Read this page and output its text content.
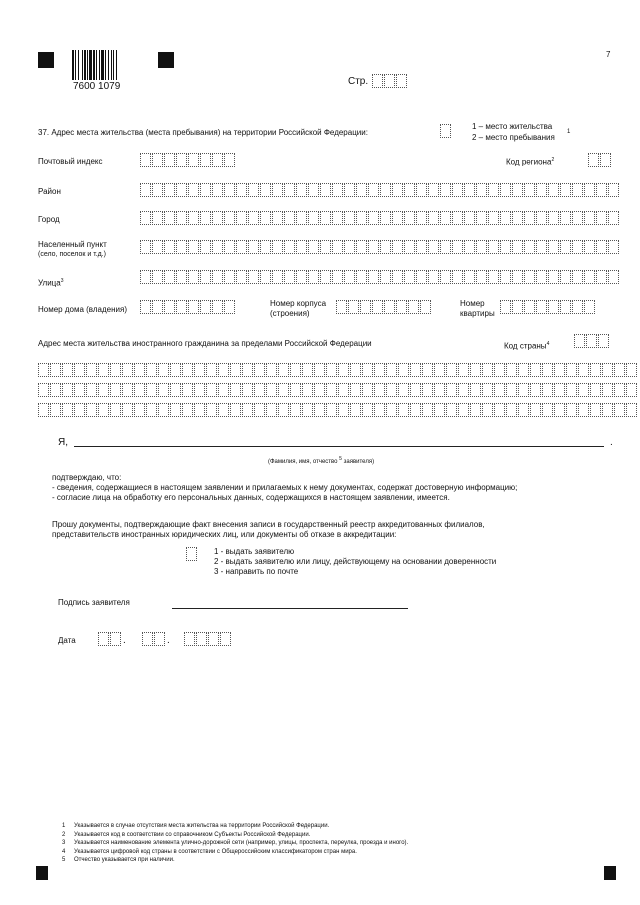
7600 1079
7
Стр.
37. Адрес места жительства (места пребывания) на территории Российской Федерации:
1 – место жительства
2 – место пребывания
1
Почтовый индекс	Код региона$^2$
Район
Город
Населенный пункт
(село, поселок и т.д.)
Улица$^3$
Номер дома (владения)
Номер корпуса
(строения)
Номер
квартиры
Адрес места жительства иностранного гражданина за пределами Российской Федерации	Код страны$^4$
Я,	.
(Фамилия, имя, отчество $^5$ заявителя)
подтверждаю, что:
- сведения, содержащиеся в настоящем заявлении и прилагаемых к нему документах, содержат достоверную информацию;
- согласие лица на обработку его персональных данных, содержащихся в настоящем заявлении, имеется.
Прошу документы, подтверждающие факт внесения записи в государственный реестр аккредитованных филиалов,
представительств иностранных юридических лиц, или документы об отказе в аккредитации:
1 - выдать заявителю
2 - выдать заявителю или лицу, действующему на основании доверенности
3 - направить по почте
Подпись заявителя
Дата	.	.
1	Указывается в случае отсутствия места жительства на территории Российской Федерации.
2	Указывается код в соответствии со справочником Субъекты Российской Федерации.
3	Указывается наименование элемента улично-дорожной сети (например, улицы, проспекта, переулка, проезда и иного).
4	Указывается цифровой код страны в соответствии с Общероссийским классификатором стран мира.
5	Отчество указывается при наличии.
